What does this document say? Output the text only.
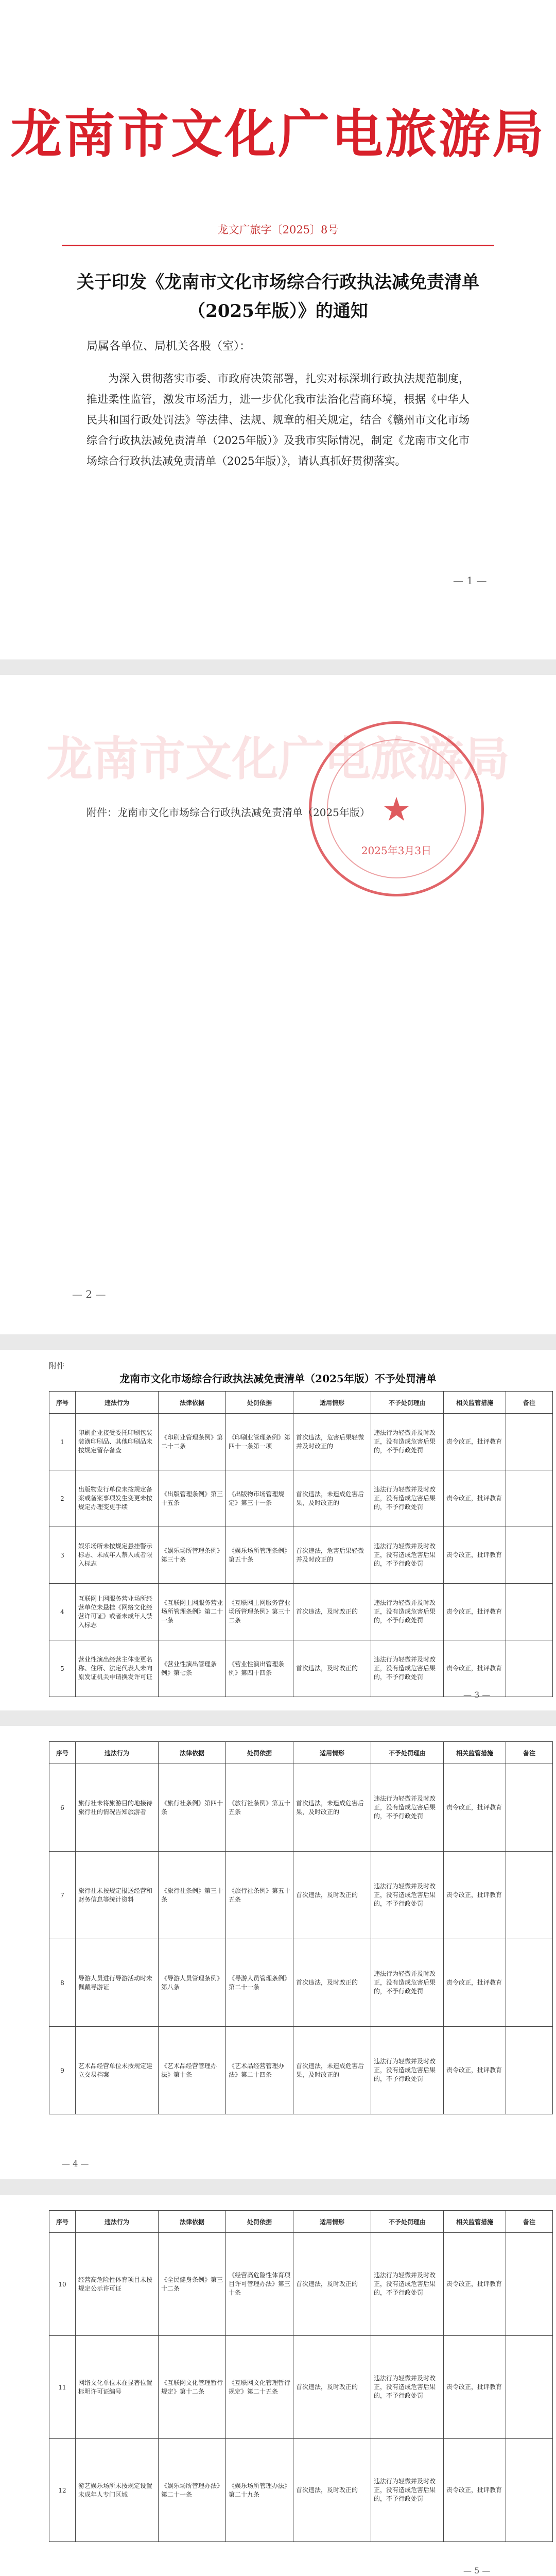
龙南市文化广电旅游局
龙文广旅字〔2025〕8号
关于印发《龙南市文化市场综合行政执法减免责清单（2025年版）》的通知
局属各单位、局机关各股（室）：
为深入贯彻落实市委、市政府决策部署，扎实对标深圳行政执法规范制度，推进柔性监管，激发市场活力，进一步优化我市法治化营商环境，根据《中华人民共和国行政处罚法》等法律、法规、规章的相关规定，结合《赣州市文化市场综合行政执法减免责清单（2025年版）》及我市实际情况，制定《龙南市文化市场综合行政执法减免责清单（2025年版）》，请认真抓好贯彻落实。
— 1 —
龙南市文化广电旅游局
★
2025年3月3日
附件：龙南市文化市场综合行政执法减免责清单（2025年版）
— 2 —
附件
龙南市文化市场综合行政执法减免责清单（2025年版）不予处罚清单
序号	违法行为	法律依据	处罚依据	适用情形	不予处罚理由	相关监管措施	备注
1	印刷企业接受委托印刷包装装潢印刷品、其他印刷品未按规定留存备查	《印刷业管理条例》第二十二条	《印刷业管理条例》第四十一条第一项	首次违法，危害后果轻微并及时改正的	违法行为轻微并及时改正，没有造成危害后果的，不予行政处罚	责令改正，批评教育	
2	出版物发行单位未按规定备案或备案事项发生变更未按规定办理变更手续	《出版管理条例》第三十五条	《出版物市场管理规定》第三十一条	首次违法，未造成危害后果，及时改正的	违法行为轻微并及时改正，没有造成危害后果的，不予行政处罚	责令改正，批评教育	
3	娱乐场所未按规定悬挂警示标志、未成年人禁入或者限入标志	《娱乐场所管理条例》第三十条	《娱乐场所管理条例》第五十条	首次违法，危害后果轻微并及时改正的	违法行为轻微并及时改正，没有造成危害后果的，不予行政处罚	责令改正，批评教育	
4	互联网上网服务营业场所经营单位未悬挂《网络文化经营许可证》或者未成年人禁入标志	《互联网上网服务营业场所管理条例》第二十一条	《互联网上网服务营业场所管理条例》第三十二条	首次违法，及时改正的	违法行为轻微并及时改正，没有造成危害后果的，不予行政处罚	责令改正，批评教育	
5	营业性演出经营主体变更名称、住所、法定代表人未向原发证机关申请换发许可证	《营业性演出管理条例》第七条	《营业性演出管理条例》第四十四条	首次违法，及时改正的	违法行为轻微并及时改正，没有造成危害后果的，不予行政处罚	责令改正，批评教育	
— 3 —
序号	违法行为	法律依据	处罚依据	适用情形	不予处罚理由	相关监管措施	备注
6	旅行社未将旅游目的地接待旅行社的情况告知旅游者	《旅行社条例》第四十条	《旅行社条例》第五十五条	首次违法，未造成危害后果，及时改正的	违法行为轻微并及时改正，没有造成危害后果的，不予行政处罚	责令改正，批评教育	
7	旅行社未按规定报送经营和财务信息等统计资料	《旅行社条例》第三十条	《旅行社条例》第五十五条	首次违法，及时改正的	违法行为轻微并及时改正，没有造成危害后果的，不予行政处罚	责令改正，批评教育	
8	导游人员进行导游活动时未佩戴导游证	《导游人员管理条例》第八条	《导游人员管理条例》第二十一条	首次违法，及时改正的	违法行为轻微并及时改正，没有造成危害后果的，不予行政处罚	责令改正，批评教育	
9	艺术品经营单位未按规定建立交易档案	《艺术品经营管理办法》第十条	《艺术品经营管理办法》第二十四条	首次违法，未造成危害后果，及时改正的	违法行为轻微并及时改正，没有造成危害后果的，不予行政处罚	责令改正，批评教育	
— 4 —
序号	违法行为	法律依据	处罚依据	适用情形	不予处罚理由	相关监管措施	备注
10	经营高危险性体育项目未按规定公示许可证	《全民健身条例》第三十二条	《经营高危险性体育项目许可管理办法》第三十条	首次违法，及时改正的	违法行为轻微并及时改正，没有造成危害后果的，不予行政处罚	责令改正，批评教育	
11	网络文化单位未在显著位置标明许可证编号	《互联网文化管理暂行规定》第十二条	《互联网文化管理暂行规定》第二十五条	首次违法，及时改正的	违法行为轻微并及时改正，没有造成危害后果的，不予行政处罚	责令改正，批评教育	
12	游艺娱乐场所未按规定设置未成年人专门区域	《娱乐场所管理办法》第二十一条	《娱乐场所管理办法》第二十九条	首次违法，及时改正的	违法行为轻微并及时改正，没有造成危害后果的，不予行政处罚	责令改正，批评教育	
— 5 —
